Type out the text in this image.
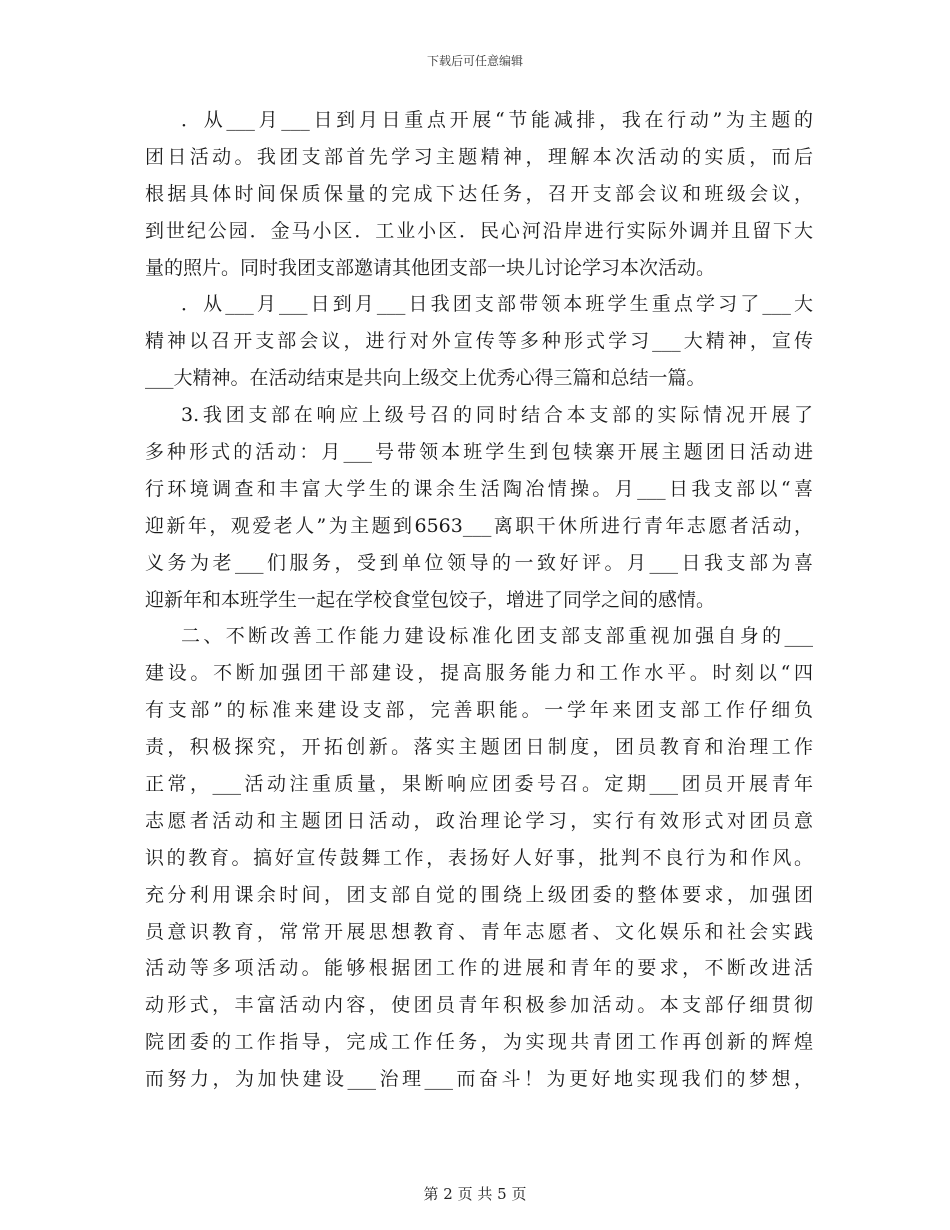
下载后可任意编辑
．从___月___日到月日重点开展“节能减排，我在行动”为主题的
团日活动。我团支部首先学习主题精神，理解本次活动的实质，而后
根据具体时间保质保量的完成下达任务，召开支部会议和班级会议，
到世纪公园．金马小区．工业小区．民心河沿岸进行实际外调并且留下大
量的照片。同时我团支部邀请其他团支部一块儿讨论学习本次活动。
．从___月___日到月___日我团支部带领本班学生重点学习了___大
精神以召开支部会议，进行对外宣传等多种形式学习___大精神，宣传
___大精神。在活动结束是共向上级交上优秀心得三篇和总结一篇。
3.我团支部在响应上级号召的同时结合本支部的实际情况开展了
多种形式的活动：月___号带领本班学生到包犊寨开展主题团日活动进
行环境调查和丰富大学生的课余生活陶冶情操。月___日我支部以“喜
迎新年，观爱老人”为主题到6563___离职干休所进行青年志愿者活动，
义务为老___们服务，受到单位领导的一致好评。月___日我支部为喜
迎新年和本班学生一起在学校食堂包饺子，增进了同学之间的感情。
二、不断改善工作能力建设标准化团支部支部重视加强自身的___
建设。不断加强团干部建设，提高服务能力和工作水平。时刻以“四
有支部”的标准来建设支部，完善职能。一学年来团支部工作仔细负
责，积极探究，开拓创新。落实主题团日制度，团员教育和治理工作
正常，___活动注重质量，果断响应团委号召。定期___团员开展青年
志愿者活动和主题团日活动，政治理论学习，实行有效形式对团员意
识的教育。搞好宣传鼓舞工作，表扬好人好事，批判不良行为和作风。
充分利用课余时间，团支部自觉的围绕上级团委的整体要求，加强团
员意识教育，常常开展思想教育、青年志愿者、文化娱乐和社会实践
活动等多项活动。能够根据团工作的进展和青年的要求，不断改进活
动形式，丰富活动内容，使团员青年积极参加活动。本支部仔细贯彻
院团委的工作指导，完成工作任务，为实现共青团工作再创新的辉煌
而努力，为加快建设___治理___而奋斗！为更好地实现我们的梦想，
第 2 页 共 5 页
